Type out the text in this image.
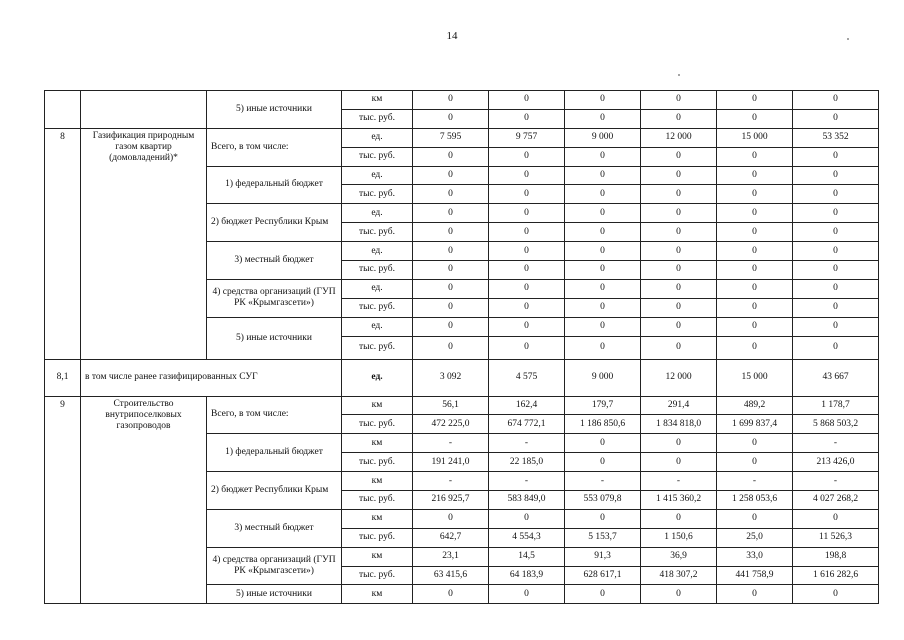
14
		5) иные источники	км	0	0	0	0	0	0
			тыс. руб.	0	0	0	0	0	0
8	Газификация природным газом квартир (домовладений)*	Всего, в том числе:	ед.	7 595	9 757	9 000	12 000	15 000	53 352
			тыс. руб.	0	0	0	0	0	0
		1) федеральный бюджет	ед.	0	0	0	0	0	0
			тыс. руб.	0	0	0	0	0	0
		2) бюджет Республики Крым	ед.	0	0	0	0	0	0
			тыс. руб.	0	0	0	0	0	0
		3) местный бюджет	ед.	0	0	0	0	0	0
			тыс. руб.	0	0	0	0	0	0
		4) средства организаций (ГУП РК «Крымгазсети»)	ед.	0	0	0	0	0	0
			тыс. руб.	0	0	0	0	0	0
		5) иные источники	ед.	0	0	0	0	0	0
			тыс. руб.	0	0	0	0	0	0
8,1	в том числе ранее газифицированных СУГ		ед.	3 092	4 575	9 000	12 000	15 000	43 667
9	Строительство внутрипоселковых газопроводов	Всего, в том числе:	км	56,1	162,4	179,7	291,4	489,2	1 178,7
			тыс. руб.	472 225,0	674 772,1	1 186 850,6	1 834 818,0	1 699 837,4	5 868 503,2
		1) федеральный бюджет	км	-	-	0	0	0	-
			тыс. руб.	191 241,0	22 185,0	0	0	0	213 426,0
		2) бюджет Республики Крым	км	-	-	-	-	-	-
			тыс. руб.	216 925,7	583 849,0	553 079,8	1 415 360,2	1 258 053,6	4 027 268,2
		3) местный бюджет	км	0	0	0	0	0	0
			тыс. руб.	642,7	4 554,3	5 153,7	1 150,6	25,0	11 526,3
		4) средства организаций (ГУП РК «Крымгазсети»)	км	23,1	14,5	91,3	36,9	33,0	198,8
			тыс. руб.	63 415,6	64 183,9	628 617,1	418 307,2	441 758,9	1 616 282,6
		5) иные источники	км	0	0	0	0	0	0
